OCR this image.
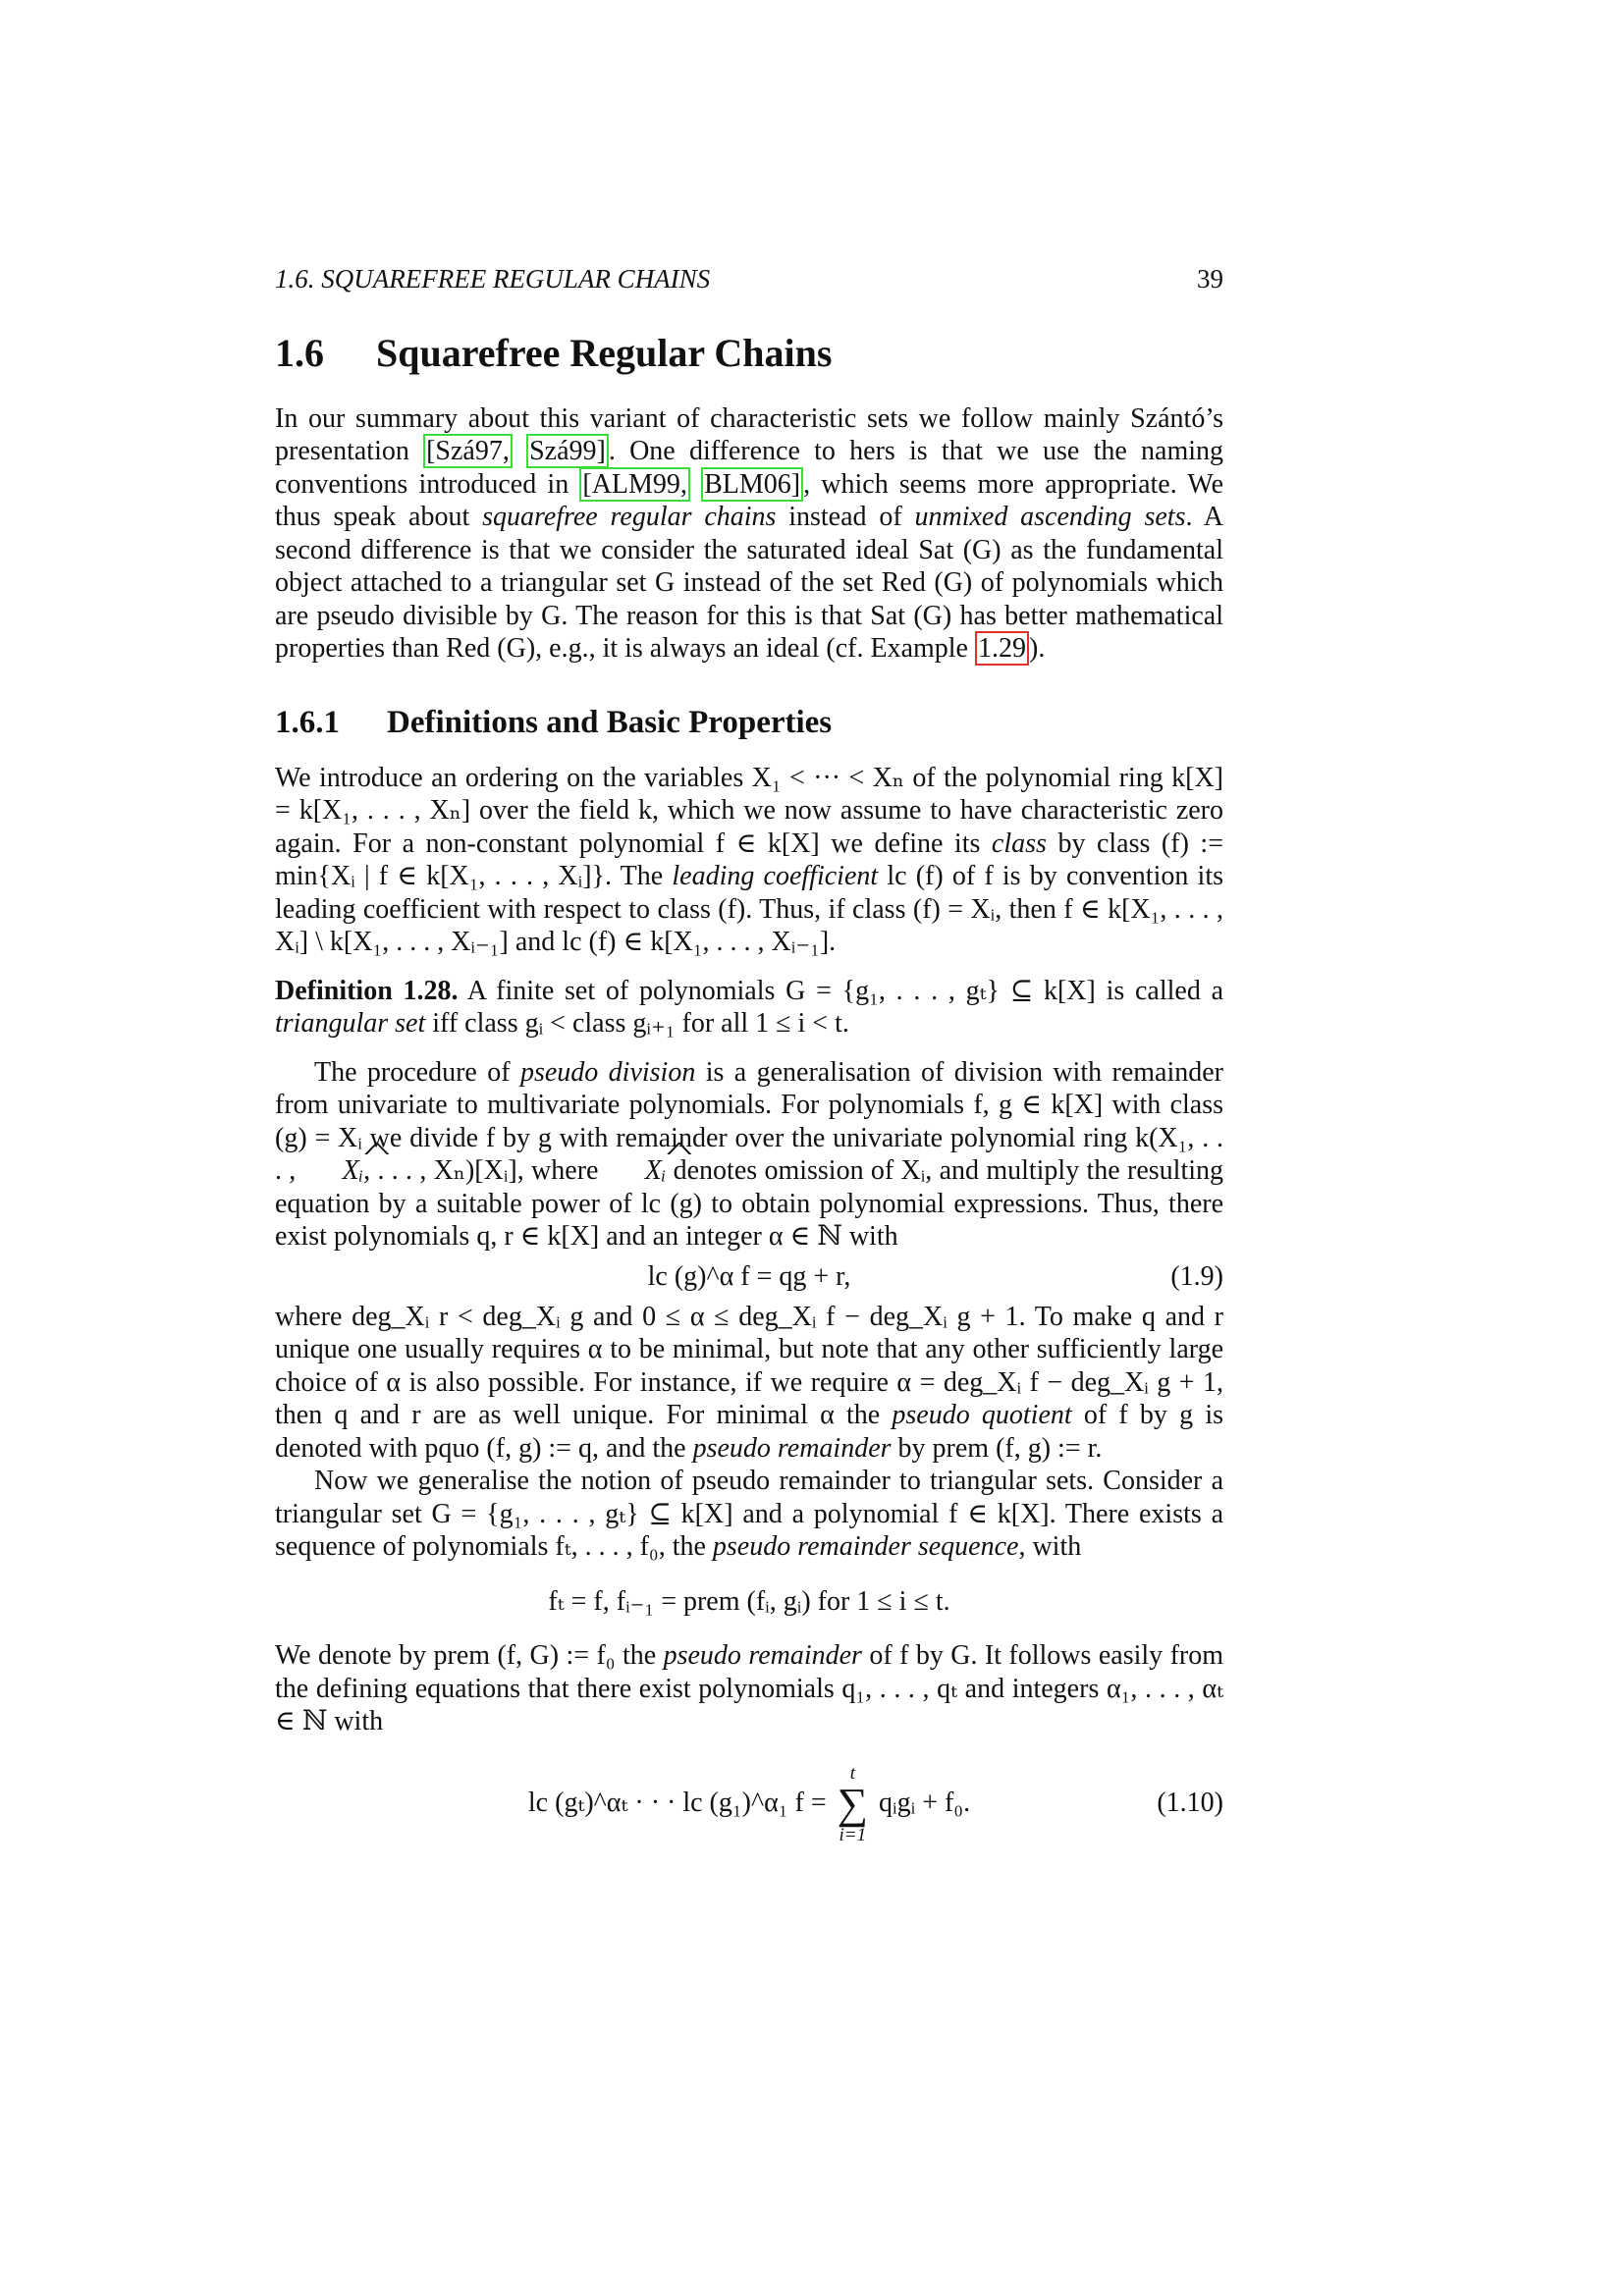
1.6. SQUAREFREE REGULAR CHAINS	39
1.6 Squarefree Regular Chains

In our summary about this variant of characteristic sets we follow mainly Szántó’s presentation [Szá97, Szá99] . One difference to hers is that we use the naming conventions introduced in [ALM99, BLM06] , which seems more appropriate. We thus speak about squarefree regular chains instead of unmixed ascending sets. A second difference is that we consider the saturated ideal Sat (G) as the fundamental object attached to a triangular set G instead of the set Red (G) of polynomials which are pseudo divisible by G. The reason for this is that Sat (G) has better mathematical properties than Red (G), e.g., it is always an ideal (cf. Example 1.29 ).

1.6.1 Definitions and Basic Properties

We introduce an ordering on the variables X₁ < ··· < Xₙ of the polynomial ring k[X] = k[X₁, . . . , Xₙ] over the field k, which we now assume to have characteristic zero again. For a non-constant polynomial f ∈ k[X] we define its class by class (f) := min{Xᵢ | f ∈ k[X₁, . . . , Xᵢ]}. The leading coefficient lc (f) of f is by convention its leading coefficient with respect to class (f). Thus, if class (f) = Xᵢ, then f ∈ k[X₁, . . . , Xᵢ] \ k[X₁, . . . , Xᵢ₋₁] and lc (f) ∈ k[X₁, . . . , Xᵢ₋₁].

Definition 1.28. A finite set of polynomials G = {g₁, . . . , gₜ} ⊆ k[X] is called a triangular set iff class gᵢ < class gᵢ₊₁ for all 1 ≤ i < t.

The procedure of pseudo division is a generalisation of division with remainder from univariate to multivariate polynomials. For polynomials f, g ∈ k[X] with class (g) = Xᵢ we divide f by g with remainder over the univariate polynomial ring k(X₁, . . . , ^ Xᵢ, . . . , Xₙ)[Xᵢ], where ^ Xᵢ denotes omission of Xᵢ, and multiply the resulting equation by a suitable power of lc (g) to obtain polynomial expressions. Thus, there exist polynomials q, r ∈ k[X] and an integer α ∈ ℕ with

lc (g)^α f = qg + r,	(1.9)

where deg_Xᵢ r < deg_Xᵢ g and 0 ≤ α ≤ deg_Xᵢ f − deg_Xᵢ g + 1. To make q and r unique one usually requires α to be minimal, but note that any other sufficiently large choice of α is also possible. For instance, if we require α = deg_Xᵢ f − deg_Xᵢ g + 1, then q and r are as well unique. For minimal α the pseudo quotient of f by g is denoted with pquo (f, g) := q, and the pseudo remainder by prem (f, g) := r.

Now we generalise the notion of pseudo remainder to triangular sets. Consider a triangular set G = {g₁, . . . , gₜ} ⊆ k[X] and a polynomial f ∈ k[X]. There exists a sequence of polynomials fₜ, . . . , f₀, the pseudo remainder sequence, with

fₜ = f, fᵢ₋₁ = prem (fᵢ, gᵢ) for 1 ≤ i ≤ t.

We denote by prem (f, G) := f₀ the pseudo remainder of f by G. It follows easily from the defining equations that there exist polynomials q₁, . . . , qₜ and integers α₁, . . . , αₜ ∈ ℕ with

lc (gₜ)^αₜ · · · lc (g₁)^α₁ f =
t
∑
i=1
qᵢgᵢ + f₀.	(1.10)
